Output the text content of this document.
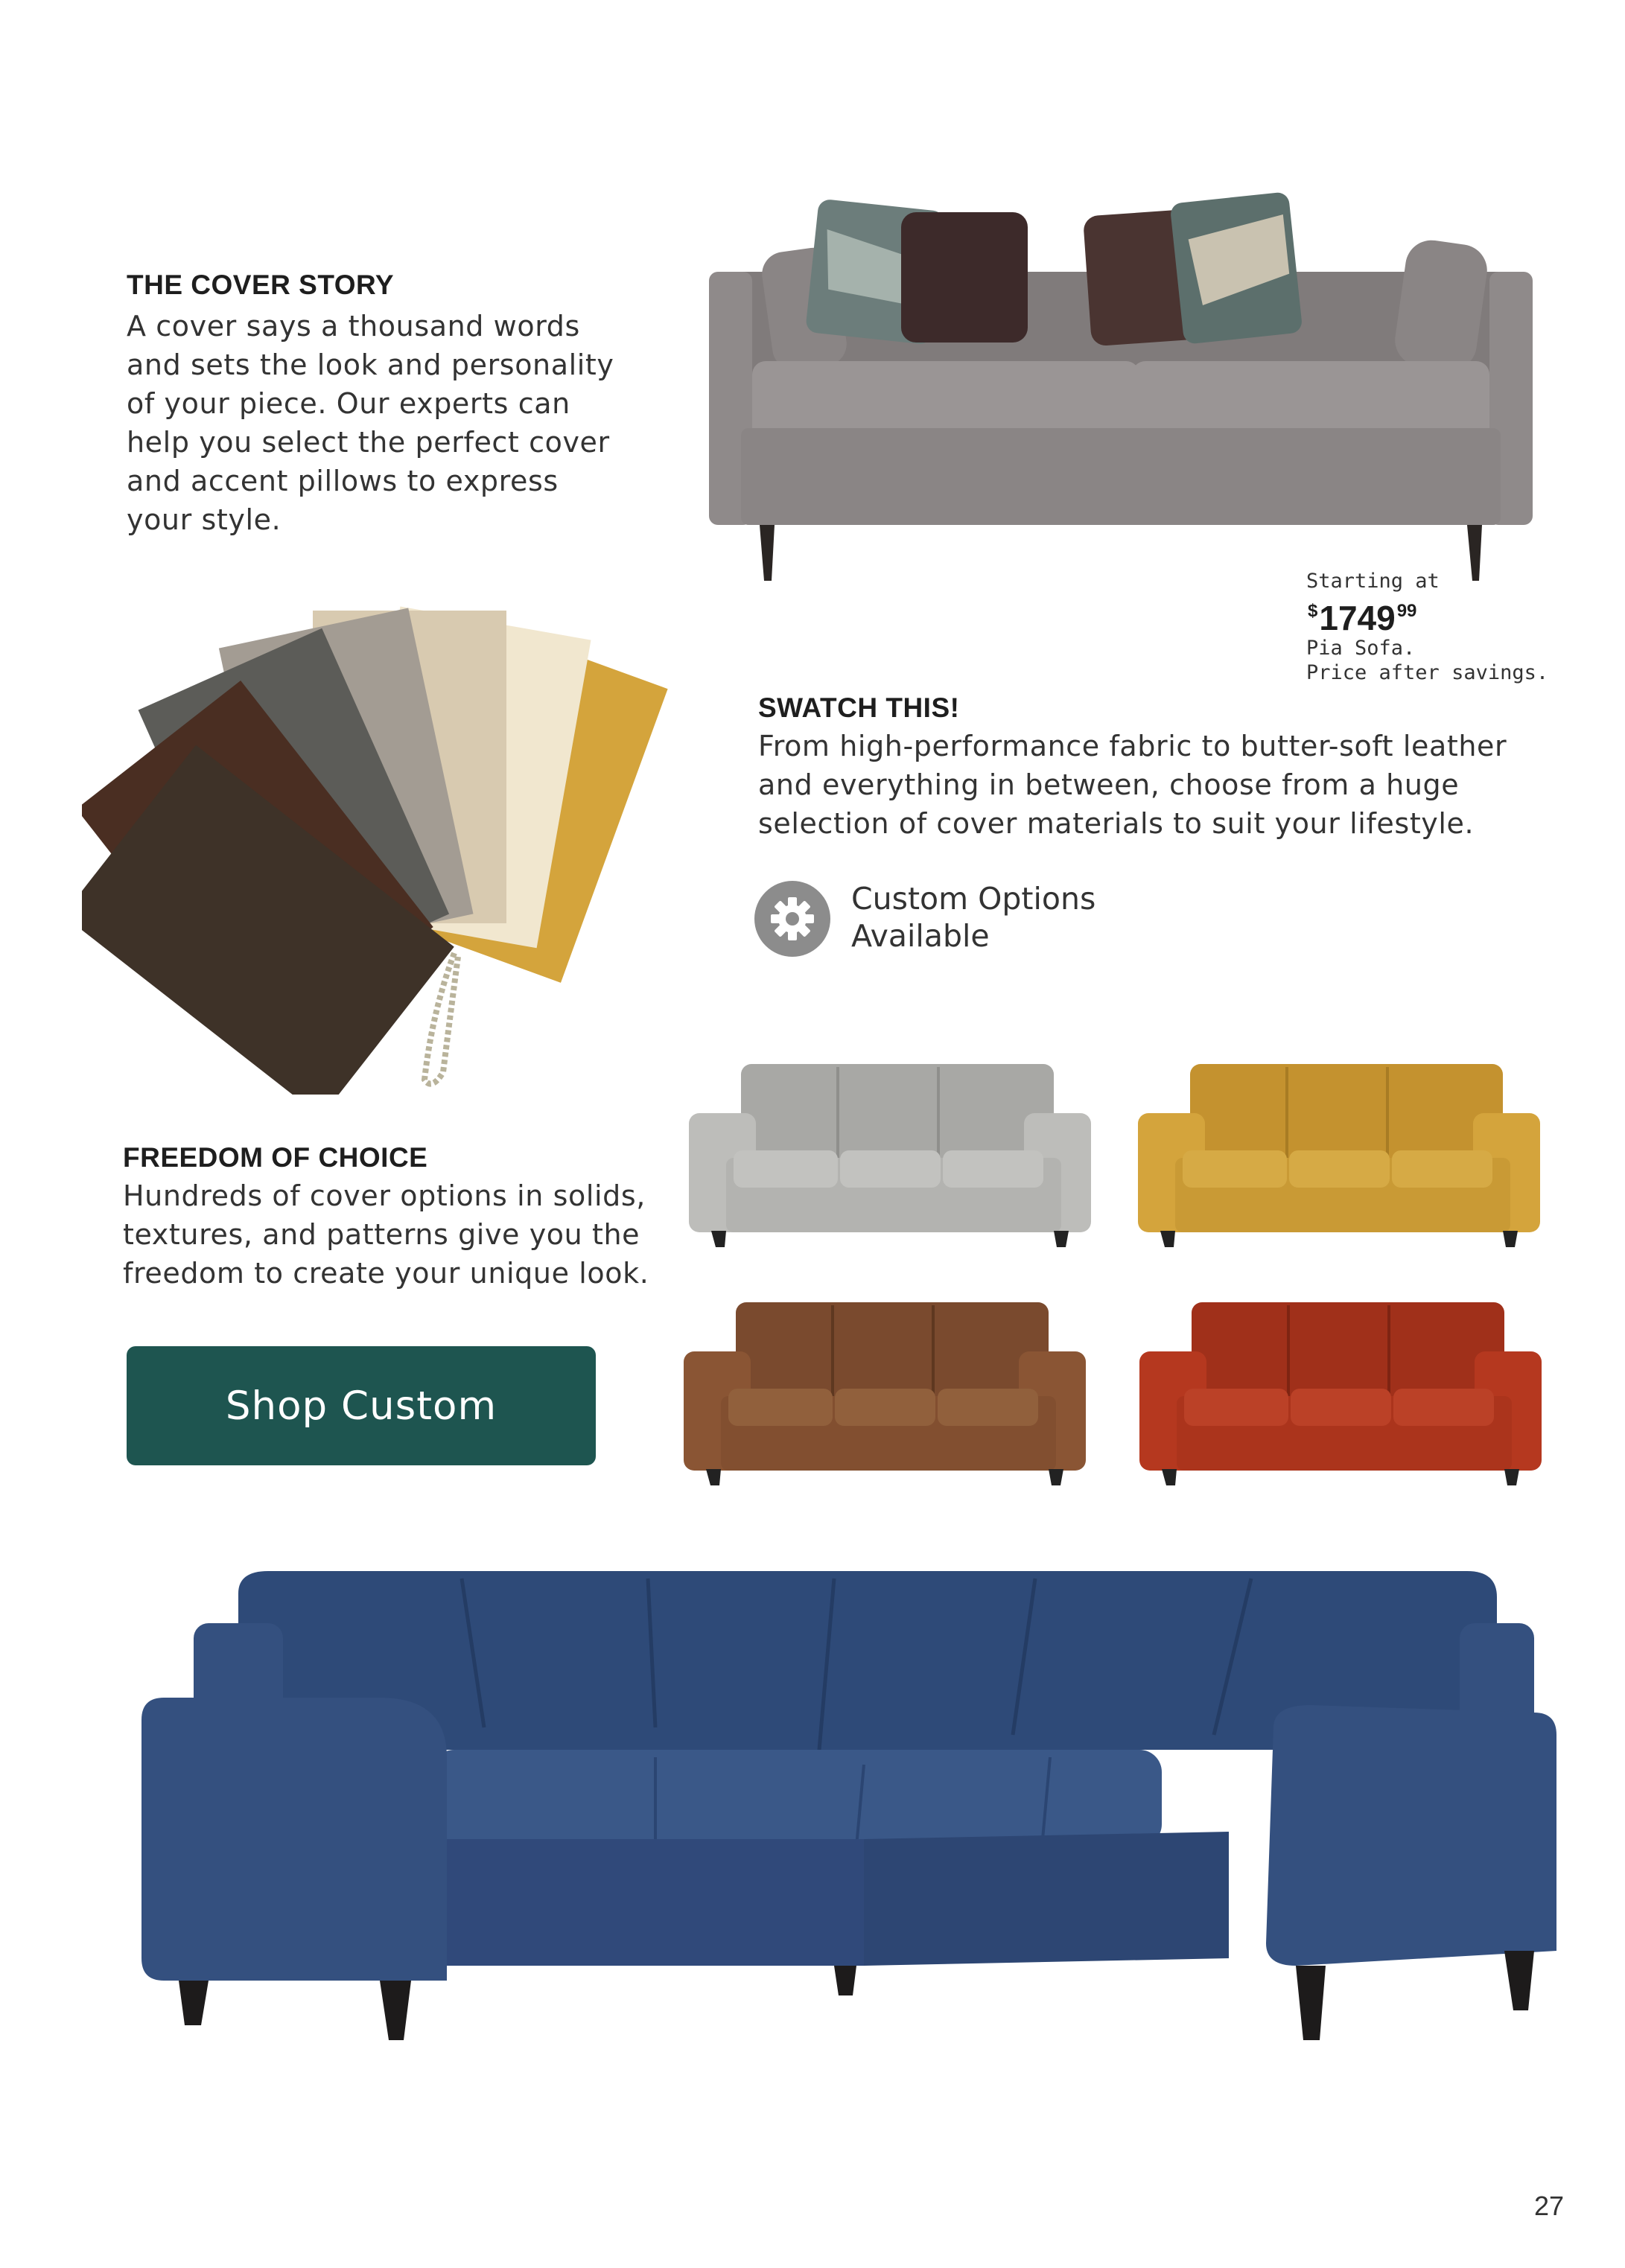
THE COVER STORY
A cover says a thousand words
and sets the look and personality
of your piece. Our experts can
help you select the perfect cover
and accent pillows to express
your style.
Starting at
$1749$^{99}$
Pia Sofa.
Price after savings.
SWATCH THIS!
From high-performance fabric to butter-soft leather
and everything in between, choose from a huge
selection of cover materials to suit your lifestyle.
Custom Options
Available
FREEDOM OF CHOICE
Hundreds of cover options in solids,
textures, and patterns give you the
freedom to create your unique look.
Shop Custom
27
